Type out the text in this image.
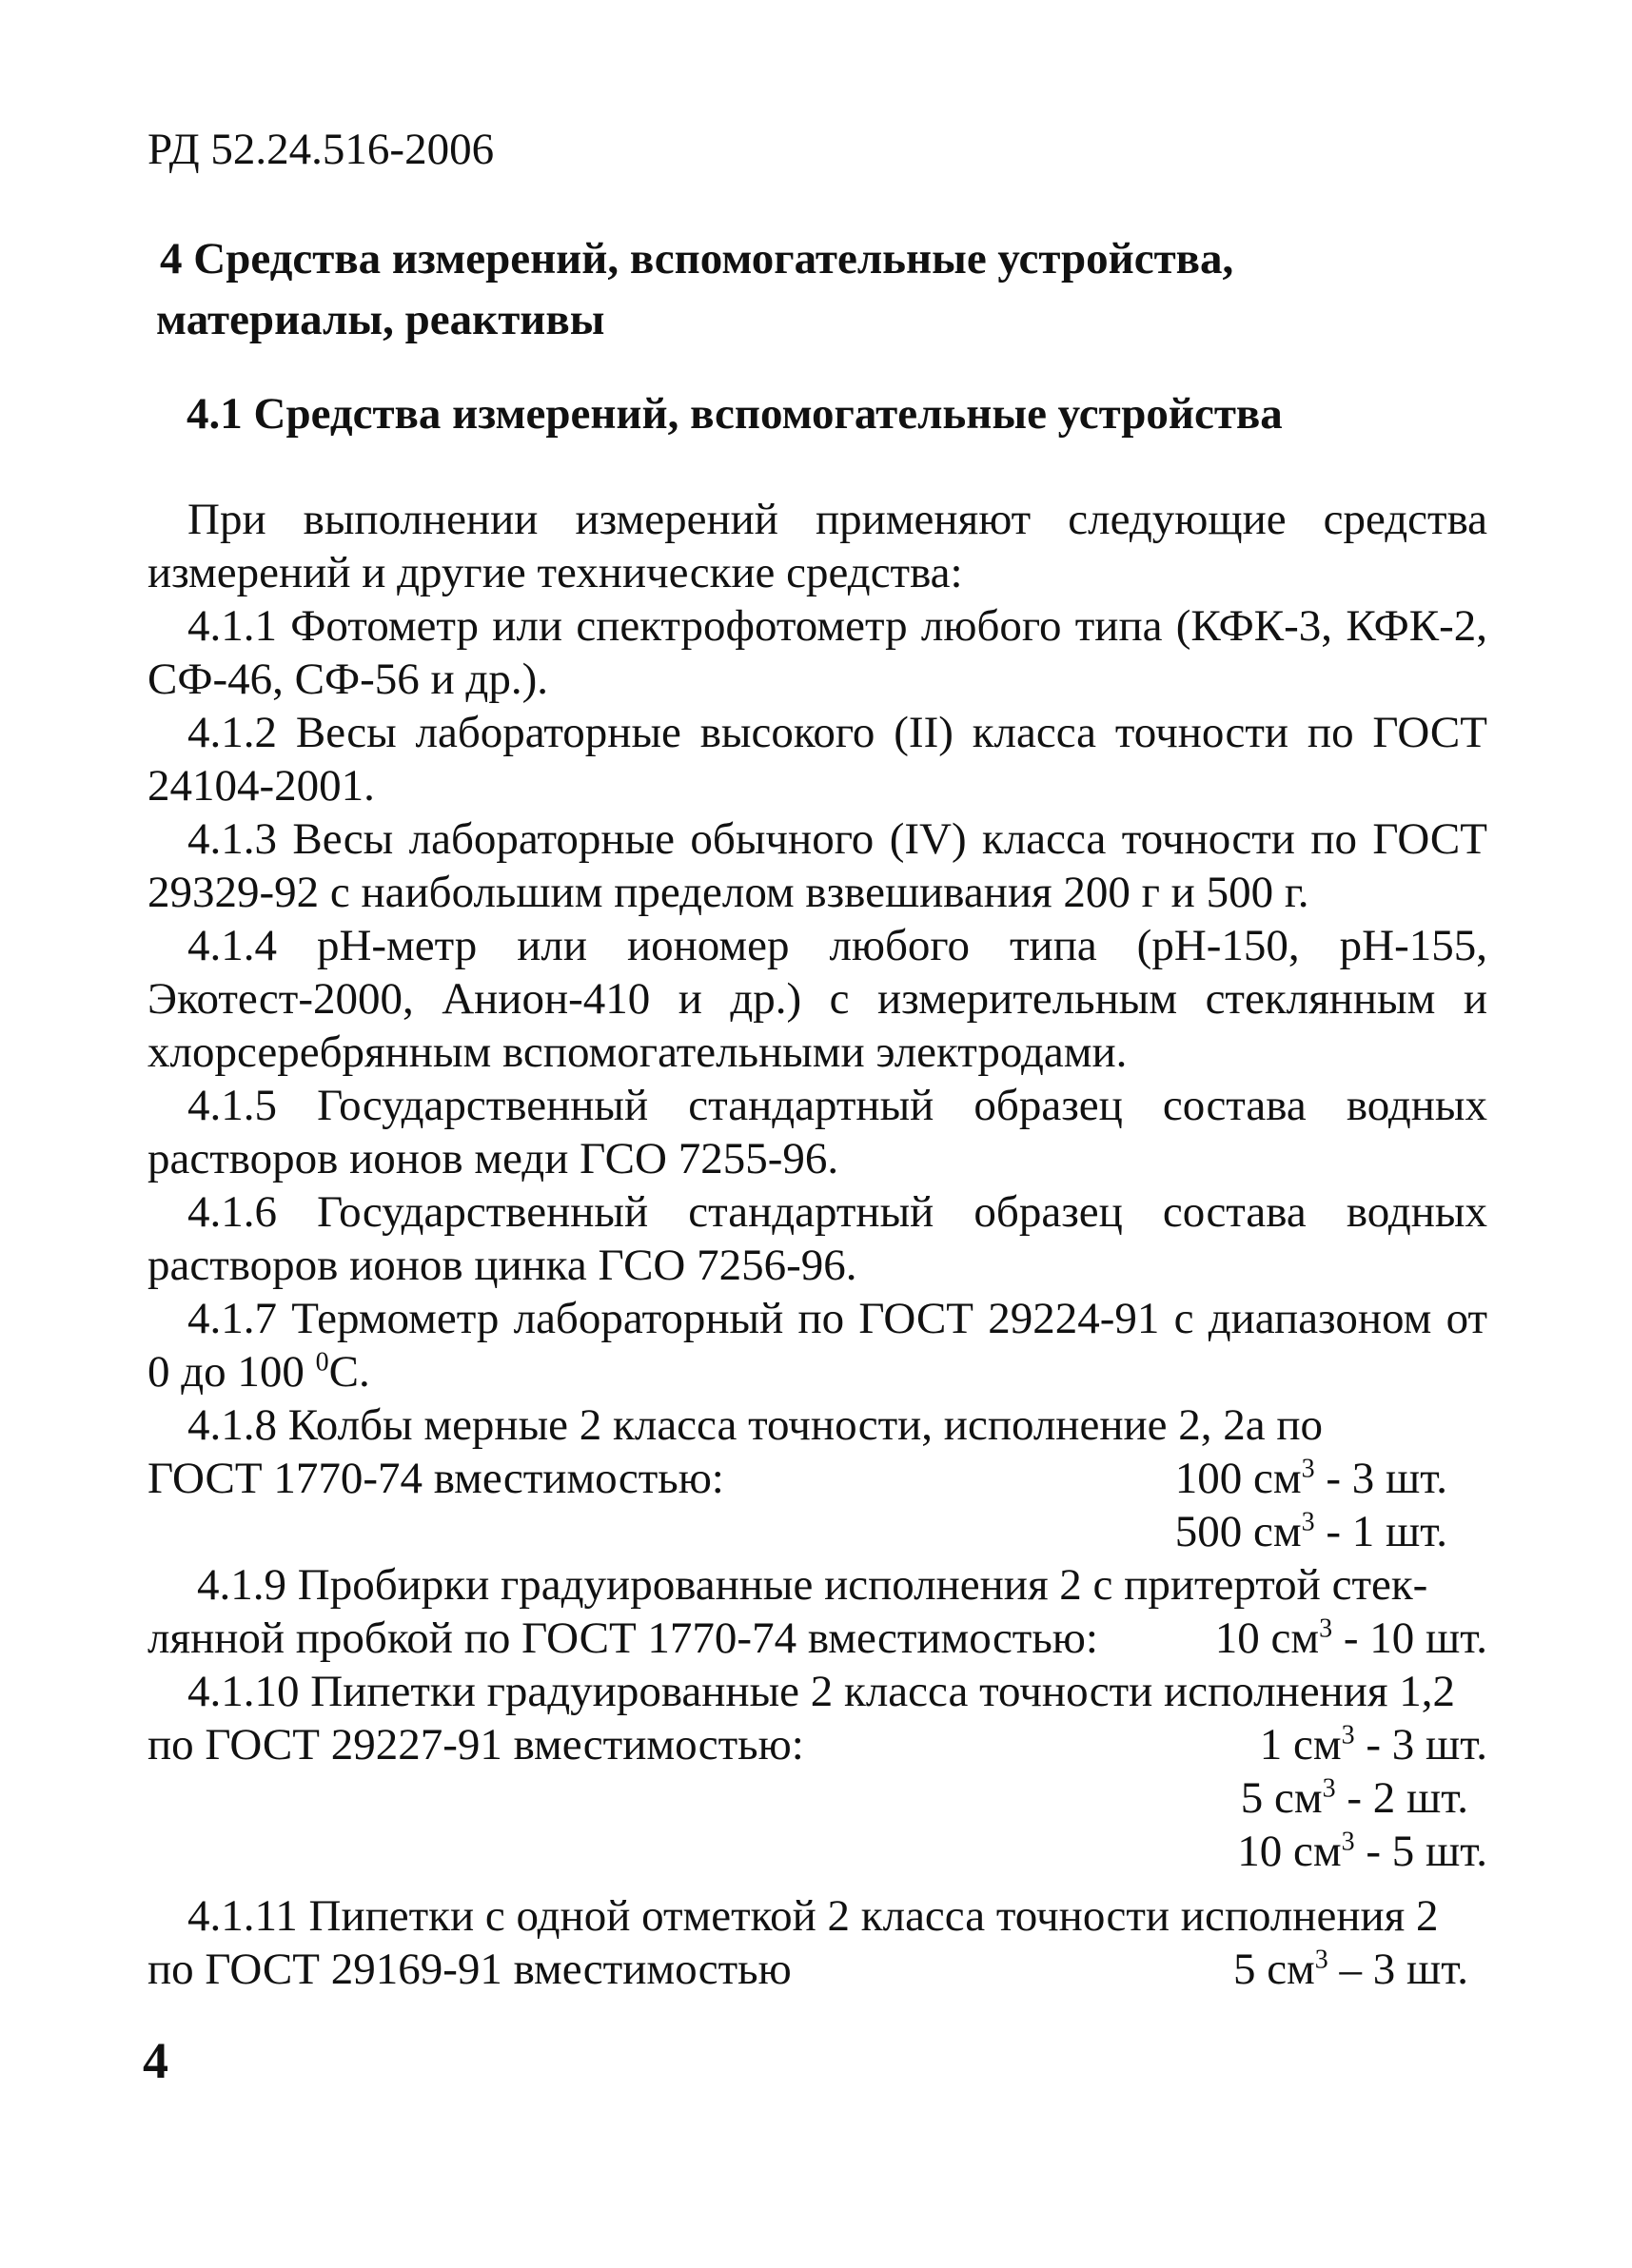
РД 52.24.516-2006
4 Средства измерений, вспомогательные устройства,
материалы, реактивы
4.1 Средства измерений, вспомогательные устройства
При выполнении измерений применяют следующие средства измерений и другие технические средства:
4.1.1 Фотометр или спектрофотометр любого типа (КФК-3, КФК-2, СФ-46, СФ-56 и др.).
4.1.2 Весы лабораторные высокого (II) класса точности по ГОСТ 24104-2001.
4.1.3 Весы лабораторные обычного (IV) класса точности по ГОСТ 29329-92 с наибольшим пределом взвешивания 200 г и 500 г.
4.1.4 pH-метр или иономер любого типа (pH-150, pH-155, Экотест-2000, Анион-410 и др.) с измерительным стеклянным и хлорсеребрянным вспомогательными электродами.
4.1.5 Государственный стандартный образец состава водных растворов ионов меди ГСО 7255-96.
4.1.6 Государственный стандартный образец состава водных растворов ионов цинка ГСО 7256-96.
4.1.7 Термометр лабораторный по ГОСТ 29224-91 с диапазоном от 0 до 100 $^0$С.
4.1.8 Колбы мерные 2 класса точности, исполнение 2, 2а по
ГОСТ 1770-74 вместимостью:	100 $см^3 - 3$ шт.
500 $см^3 - 1$ шт.
4.1.9 Пробирки градуированные исполнения 2 с притертой стек-
лянной пробкой по ГОСТ 1770-74 вместимостью:	10 $см^3 - 10$ шт.
4.1.10 Пипетки градуированные 2 класса точности исполнения 1,2
по ГОСТ 29227-91 вместимостью:	1 $см^3 - 3$ шт.
5 $см^3 - 2$ шт.
10 $см^3 - 5$ шт.
4.1.11 Пипетки с одной отметкой 2 класса точности исполнения 2
по ГОСТ 29169-91 вместимостью	5 $см^3 - 3$ шт.
4
